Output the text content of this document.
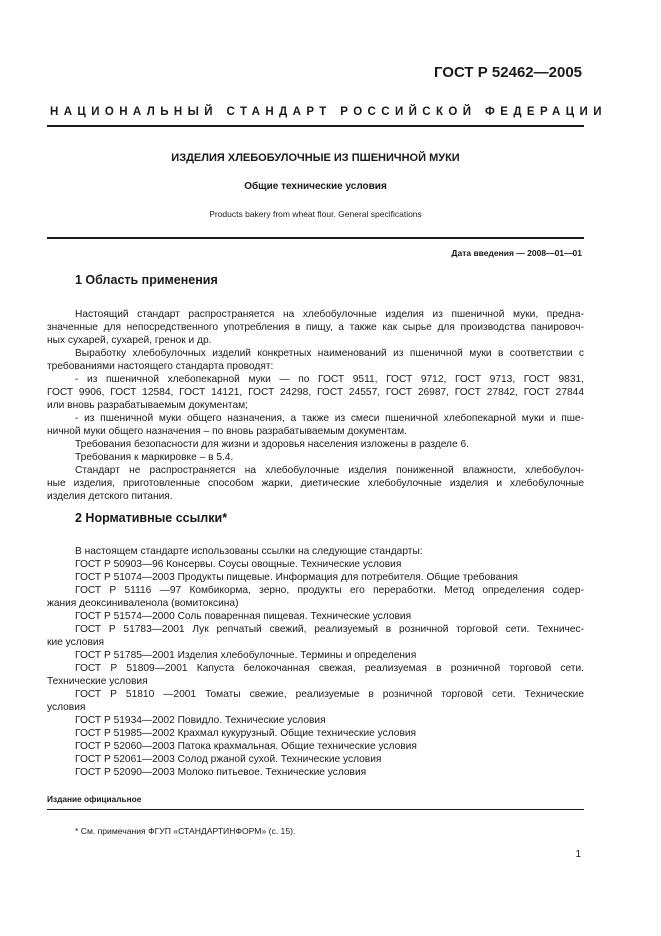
ГОСТ Р 52462—2005
НАЦИОНАЛЬНЫЙ СТАНДАРТ РОССИЙСКОЙ ФЕДЕРАЦИИ
ИЗДЕЛИЯ ХЛЕБОБУЛОЧНЫЕ ИЗ ПШЕНИЧНОЙ МУКИ
Общие технические условия
Products bakery from wheat flour. General specifications
Дата введения — 2008—01—01
1 Область применения
Настоящий стандарт распространяется на хлебобулочные изделия из пшеничной муки, предна-
значенные для непосредственного употребления в пищу, а также как сырье для производства панировоч-
ных сухарей, сухарей, гренок и др.
Выработку хлебобулочных изделий конкретных наименований из пшеничной муки в соответствии с
требованиями настоящего стандарта проводят:
- из пшеничной хлебопекарной муки — по ГОСТ 9511, ГОСТ 9712, ГОСТ 9713, ГОСТ 9831,
ГОСТ 9906, ГОСТ 12584, ГОСТ 14121, ГОСТ 24298, ГОСТ 24557, ГОСТ 26987, ГОСТ 27842, ГОСТ 27844
или вновь разрабатываемым документам;
- из пшеничной муки общего назначения, а также из смеси пшеничной хлебопекарной муки и пше-
ничной муки общего назначения – по вновь разрабатываемым документам.
Требования безопасности для жизни и здоровья населения изложены в разделе 6.
Требования к маркировке – в 5.4.
Стандарт не распространяется на хлебобулочные изделия пониженной влажности, хлебобулоч-
ные изделия, приготовленные способом жарки, диетические хлебобулочные изделия и хлебобулочные
изделия детского питания.
2 Нормативные ссылки*
В настоящем стандарте использованы ссылки на следующие стандарты:
ГОСТ Р 50903—96 Консервы. Соусы овощные. Технические условия
ГОСТ Р 51074—2003 Продукты пищевые. Информация для потребителя. Общие требования
ГОСТ Р 51116 —97 Комбикорма, зерно, продукты его переработки. Метод определения содер-
жания деоксиниваленола (вомитоксина)
ГОСТ Р 51574—2000 Соль поваренная пищевая. Технические условия
ГОСТ Р 51783—2001 Лук репчатый свежий, реализуемый в розничной торговой сети. Техничес-
кие условия
ГОСТ Р 51785—2001 Изделия хлебобулочные. Термины и определения
ГОСТ Р 51809—2001 Капуста белокочанная свежая, реализуемая в розничной торговой сети.
Технические условия
ГОСТ Р 51810 —2001 Томаты свежие, реализуемые в розничной торговой сети. Технические
условия
ГОСТ Р 51934—2002 Повидло. Технические условия
ГОСТ Р 51985—2002 Крахмал кукурузный. Общие технические условия
ГОСТ Р 52060—2003 Патока крахмальная. Общие технические условия
ГОСТ Р 52061—2003 Солод ржаной сухой. Технические условия
ГОСТ Р 52090—2003 Молоко питьевое. Технические условия
Издание официальное
* См. примечания ФГУП «СТАНДАРТИНФОРМ» (с. 15).
1
